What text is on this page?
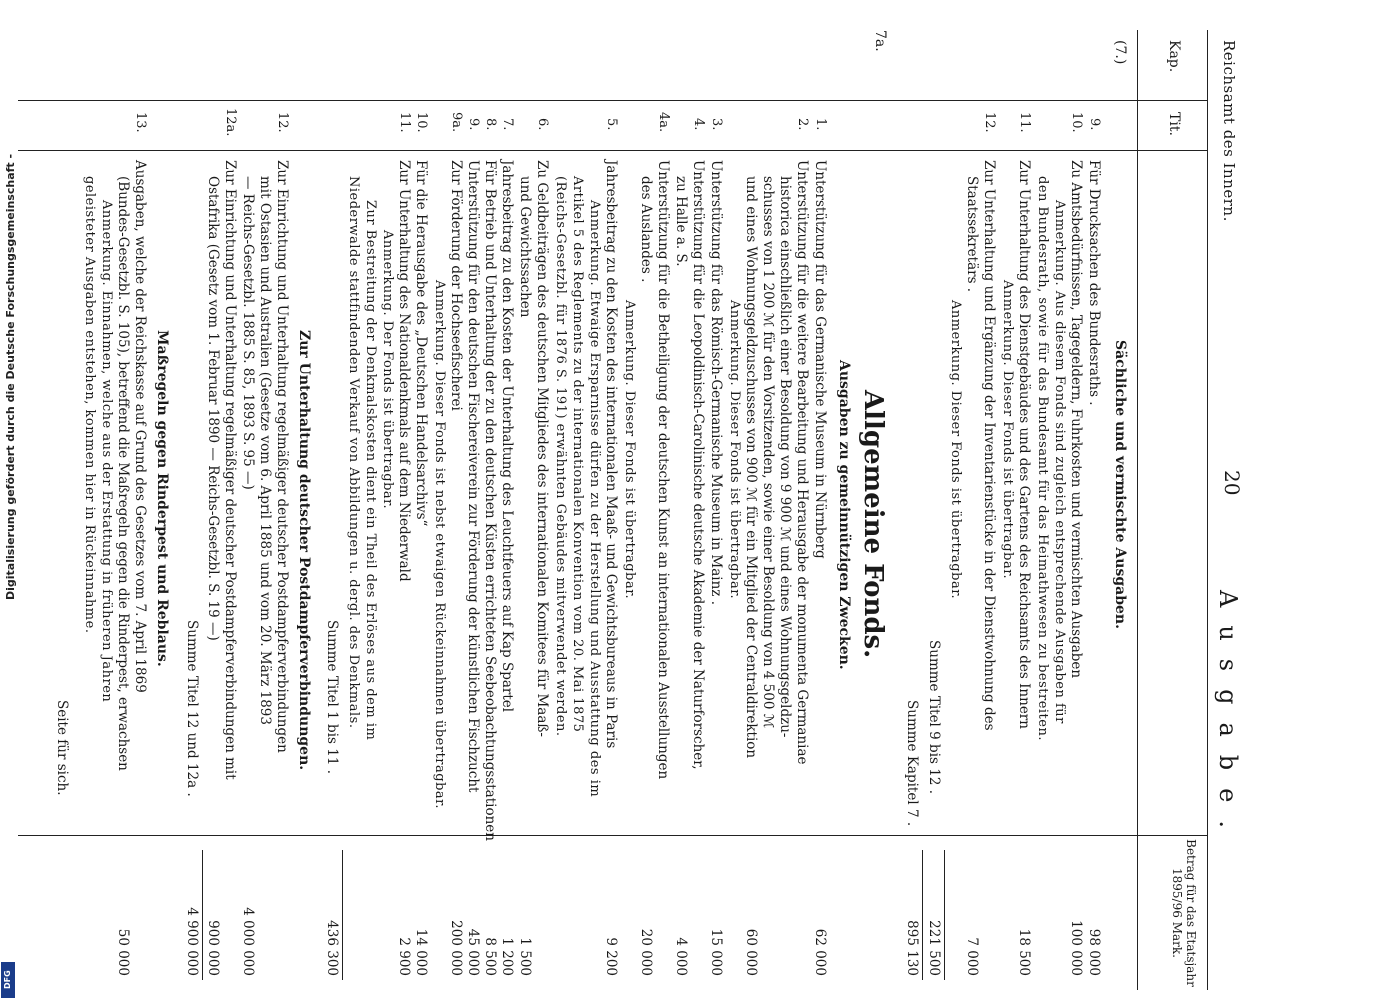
Reichsamt des Innern.
20
Ausgabe.
Kap.
Tit.
Betrag für das Etatsjahr 1895/96 Mark.
(7.)
Sächliche und vermischte Ausgaben.
9.
Für Drucksachen des Bundesraths .
98 000
10.
Zu Amtsbedürfnissen, Tagegeldern, Fuhrkosten und vermischten Ausgaben
100 000
Anmerkung. Aus diesem Fonds sind zugleich entsprechende Ausgaben für
den Bundesrath, sowie für das Bundesamt für das Heimathwesen zu bestreiten.
11.
Zur Unterhaltung des Dienstgebäudes und des Gartens des Reichsamts des Innern
18 500
Anmerkung. Dieser Fonds ist übertragbar.
12.
Zur Unterhaltung und Ergänzung der Inventarienstücke in der Dienstwohnung des
Staatssekretärs .
7 000
Anmerkung. Dieser Fonds ist übertragbar.
Summe Titel 9 bis 12 .
221 500
Summe Kapitel 7 .
895 130
7a.
Allgemeine Fonds.
Ausgaben zu gemeinnützigen Zwecken.
1.
Unterstützung für das Germanische Museum in Nürnberg
62 000
2.
Unterstützung für die weitere Bearbeitung und Herausgabe der monumenta Germaniae
historica einschließlich einer Besoldung von 9 900 ℳ und eines Wohnungsgeldzu-
schusses von 1 200 ℳ für den Vorsitzenden, sowie einer Besoldung von 4 500 ℳ
und eines Wohnungsgeldzuschusses von 900 ℳ für ein Mitglied der Centraldirektion
60 000
Anmerkung. Dieser Fonds ist übertragbar.
3.
Unterstützung für das Römisch-Germanische Museum in Mainz .
15 000
4.
Unterstützung für die Leopoldinisch-Carolinische deutsche Akademie der Naturforscher,
zu Halle a. S.
4 000
4a.
Unterstützung für die Betheiligung der deutschen Kunst an internationalen Ausstellungen
des Auslandes .
20 000
Anmerkung. Dieser Fonds ist übertragbar.
5.
Jahresbeitrag zu den Kosten des internationalen Maaß- und Gewichtsbureaus in Paris
9 200
Anmerkung. Etwaige Ersparnisse dürfen zu der Herstellung und Ausstattung des im
Artikel 5 des Reglements zu der internationalen Konvention vom 20. Mai 1875
(Reichs-Gesetzbl. für 1876 S. 191) erwähnten Gebäudes mitverwendet werden.
6.
Zu Geldbeiträgen des deutschen Mitgliedes des internationalen Komitees für Maaß-
und Gewichtssachen
1 500
7.
Jahresbeitrag zu den Kosten der Unterhaltung des Leuchtfeuers auf Kap Spartel
1 200
8.
Für Betrieb und Unterhaltung der zu den deutschen Küsten errichteten Seebeobachtungsstationen
8 500
9.
Unterstützung für den deutschen Fischereiverein zur Förderung der künstlichen Fischzucht
45 000
9a.
Zur Förderung der Hochseefischerei
200 000
Anmerkung. Dieser Fonds ist nebst etwaigen Rückeinnahmen übertragbar.
10.
Für die Herausgabe des „Deutschen Handelsarchivs“
14 000
11.
Zur Unterhaltung des Nationaldenkmals auf dem Niederwald
2 900
Anmerkung. Der Fonds ist übertragbar.
Zur Bestreitung der Denkmalskosten dient ein Theil des Erlöses aus dem im
Niederwalde stattfindenden Verkauf von Abbildungen u. dergl. des Denkmals.
Summe Titel 1 bis 11 .
436 300
Zur Unterhaltung deutscher Postdampferverbindungen.
12.
Zur Einrichtung und Unterhaltung regelmäßiger deutscher Postdampferverbindungen
mit Ostasien und Australien (Gesetze vom 6. April 1885 und vom 20. März 1893
— Reichs-Gesetzbl. 1885 S. 85, 1893 S. 95 —)
4 000 000
12a.
Zur Einrichtung und Unterhaltung regelmäßiger deutscher Postdampferverbindungen mit
Ostafrika (Gesetz vom 1. Februar 1890 — Reichs-Gesetzbl. S. 19 —)
900 000
Summe Titel 12 und 12a .
4 900 000
Maßregeln gegen Rinderpest und Reblaus.
13.
Ausgaben, welche der Reichskasse auf Grund des Gesetzes vom 7. April 1869
(Bundes-Gesetzbl. S. 105), betreffend die Maßregeln gegen die Rinderpest, erwachsen
50 000
Anmerkung. Einnahmen, welche aus der Erstattung in früheren Jahren
geleisteter Ausgaben entstehen, kommen hier in Rückeinnahme.
Seite für sich.
Digitalisierung gefördert durch die Deutsche Forschungsgemeinschaft -
DFG
